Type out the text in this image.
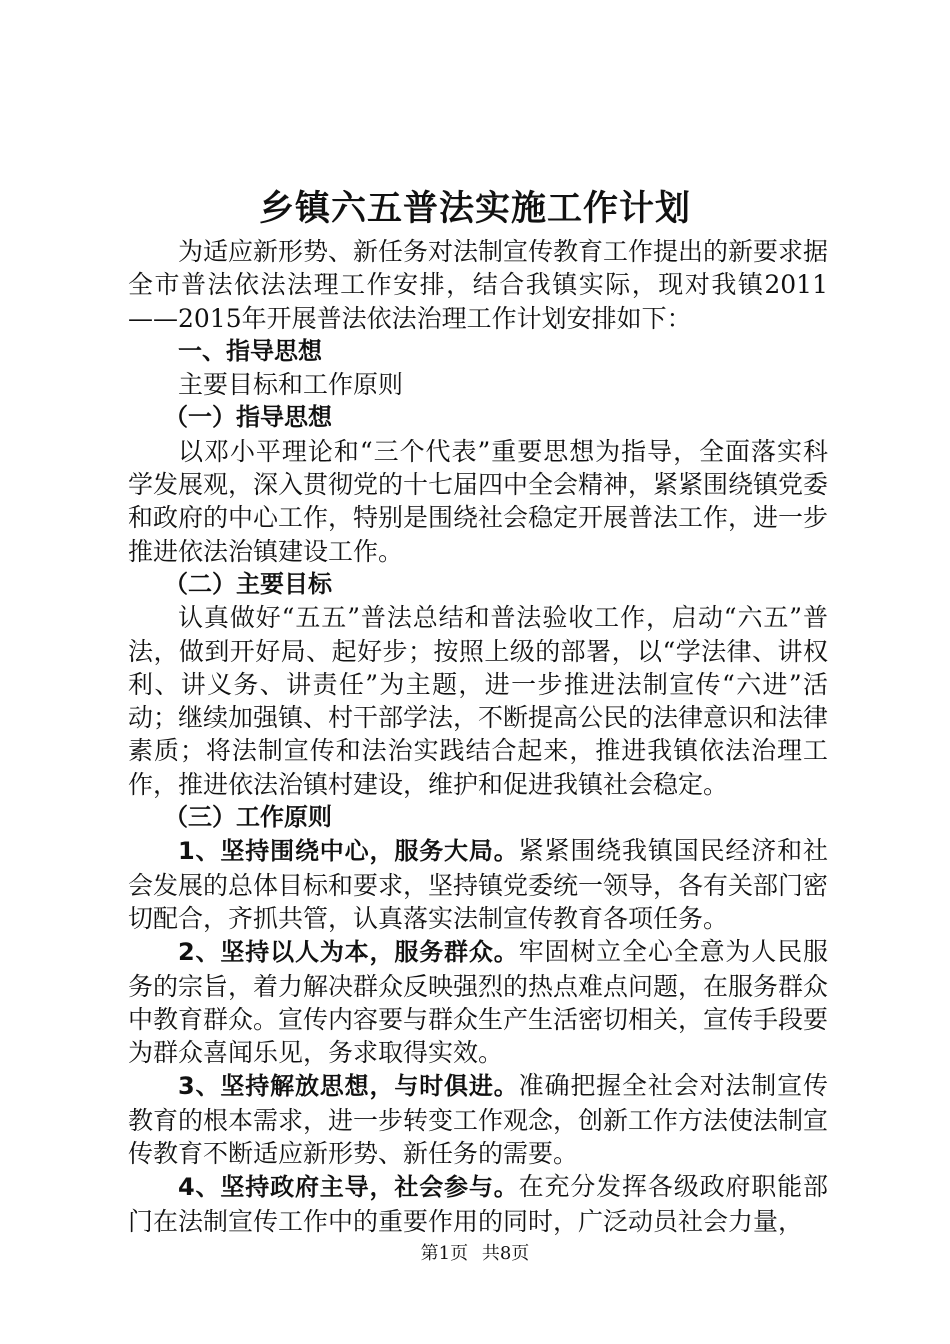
乡镇六五普法实施工作计划

为适应新形势、新任务对法制宣传教育工作提出的新要求据全市普法依法法理工作安排，结合我镇实际，现对我镇2011——2015年开展普法依法治理工作计划安排如下：

一、指导思想

主要目标和工作原则

（一）指导思想

以邓小平理论和“三个代表”重要思想为指导，全面落实科学发展观，深入贯彻党的十七届四中全会精神，紧紧围绕镇党委和政府的中心工作，特别是围绕社会稳定开展普法工作，进一步推进依法治镇建设工作。

（二）主要目标

认真做好“五五”普法总结和普法验收工作，启动“六五”普法，做到开好局、起好步；按照上级的部署，以“学法律、讲权利、讲义务、讲责任”为主题，进一步推进法制宣传“六进”活动；继续加强镇、村干部学法，不断提高公民的法律意识和法律素质；将法制宣传和法治实践结合起来，推进我镇依法治理工作，推进依法治镇村建设，维护和促进我镇社会稳定。

（三）工作原则

1、坚持围绕中心，服务大局。紧紧围绕我镇国民经济和社会发展的总体目标和要求，坚持镇党委统一领导，各有关部门密切配合，齐抓共管，认真落实法制宣传教育各项任务。

2、坚持以人为本，服务群众。牢固树立全心全意为人民服务的宗旨，着力解决群众反映强烈的热点难点问题，在服务群众中教育群众。宣传内容要与群众生产生活密切相关，宣传手段要为群众喜闻乐见，务求取得实效。

3、坚持解放思想，与时俱进。准确把握全社会对法制宣传教育的根本需求，进一步转变工作观念，创新工作方法使法制宣传教育不断适应新形势、新任务的需要。

4、坚持政府主导，社会参与。在充分发挥各级政府职能部门在法制宣传工作中的重要作用的同时，广泛动员社会力量，

第1页 共8页
